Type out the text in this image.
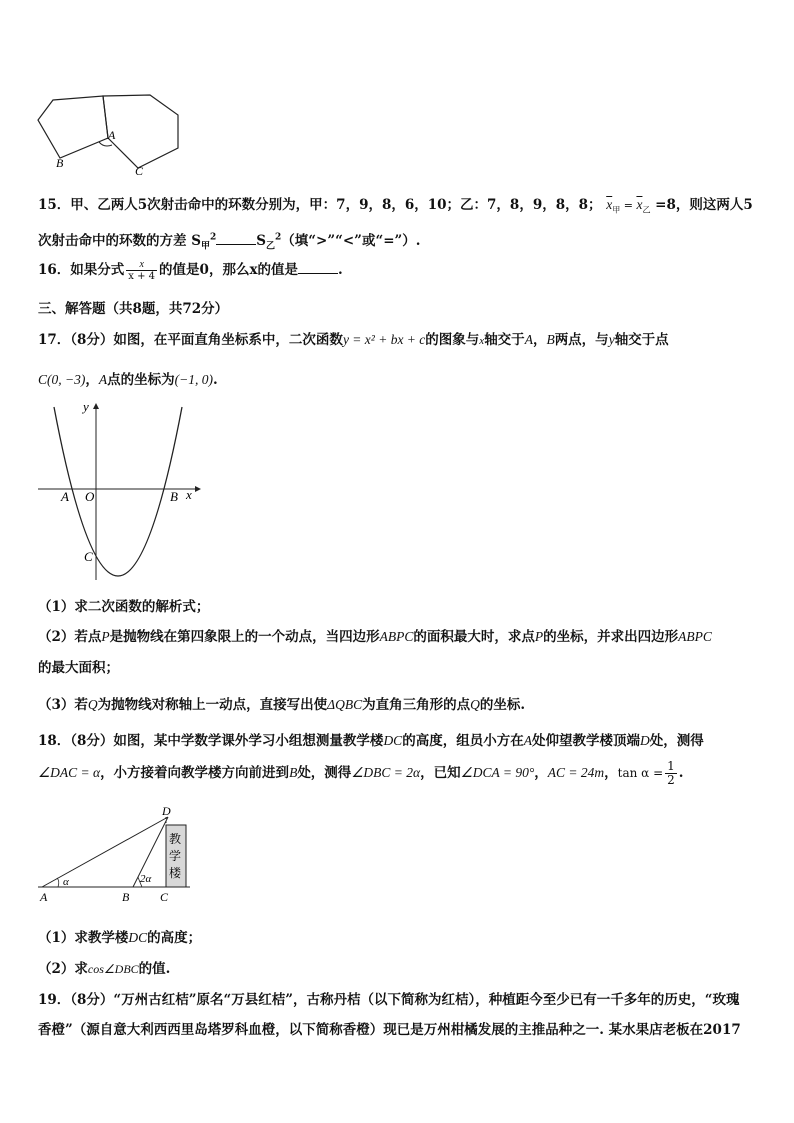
A
B
C
15．甲、乙两人5次射击命中的环数分别为，甲：7，9，8，6，10；乙：7，8，9，8，8； $\overline{x}_甲 = \overline{x}_乙 =8$，则这两人5
次射击命中的环数的方差 $S_甲^2$	$S_乙^2$（填“>”“<”或“=”）.
16．如果分式 $\frac{x}{x + 4}$ 的值是0，那么x的值是	.
三、解答题（共8题，共72分）
17．（8分）如图，在平面直角坐标系中，二次函数y = x² + bx + c的图象与x轴交于A，B两点，与y轴交于点
C(0, −3)，A点的坐标为(−1, 0).
y
x
O
A	B
C
（1）求二次函数的解析式；
（2）若点P是抛物线在第四象限上的一个动点，当四边形ABPC的面积最大时，求点P的坐标，并求出四边形ABPC
的最大面积；
（3）若Q为抛物线对称轴上一动点，直接写出使ΔQBC为直角三角形的点Q的坐标.
18．（8分）如图，某中学数学课外学习小组想测量教学楼DC的高度，组员小方在A处仰望教学楼顶端D处，测得
∠DAC = α，小方接着向教学楼方向前进到B处，测得∠DBC = 2α，已知∠DCA = 90°，AC = 24m，$\tan \alpha = \frac{1}{2}$ .
教
学
楼
α	2α
D
A	B	C
（1）求教学楼DC的高度；
（2）求cos∠DBC的值.
19．（8分）“万州古红桔”原名“万县红桔”，古称丹桔（以下简称为红桔），种植距今至少已有一千多年的历史，“玫瑰
香橙”（源自意大利西西里岛塔罗科血橙，以下简称香橙）现已是万州柑橘发展的主推品种之一. 某水果店老板在2017
